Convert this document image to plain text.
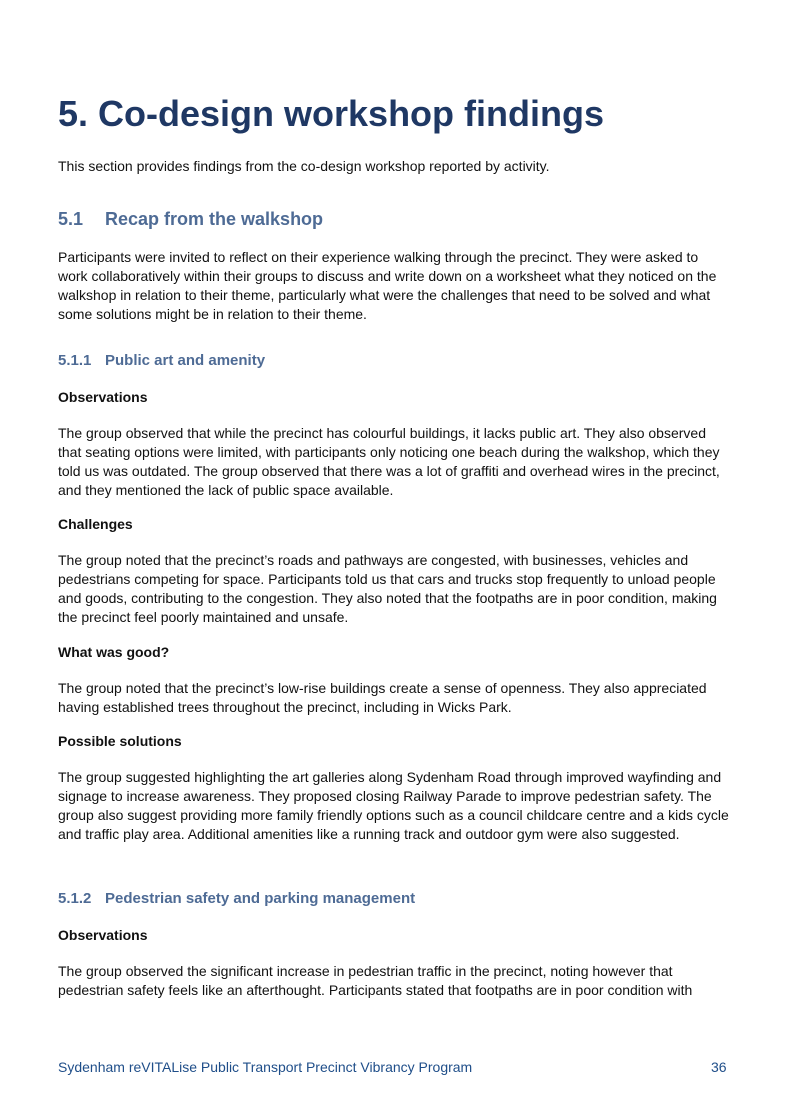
5. Co-design workshop findings
This section provides findings from the co-design workshop reported by activity.
5.1 Recap from the walkshop

Participants were invited to reflect on their experience walking through the precinct. They were asked to work collaboratively within their groups to discuss and write down on a worksheet what they noticed on the walkshop in relation to their theme, particularly what were the challenges that need to be solved and what some solutions might be in relation to their theme.

5.1.1 Public art and amenity
Observations

The group observed that while the precinct has colourful buildings, it lacks public art. They also observed that seating options were limited, with participants only noticing one beach during the walkshop, which they told us was outdated. The group observed that there was a lot of graffiti and overhead wires in the precinct, and they mentioned the lack of public space available.

Challenges

The group noted that the precinct’s roads and pathways are congested, with businesses, vehicles and pedestrians competing for space. Participants told us that cars and trucks stop frequently to unload people and goods, contributing to the congestion. They also noted that the footpaths are in poor condition, making the precinct feel poorly maintained and unsafe.

What was good?

The group noted that the precinct’s low-rise buildings create a sense of openness. They also appreciated having established trees throughout the precinct, including in Wicks Park.

Possible solutions

The group suggested highlighting the art galleries along Sydenham Road through improved wayfinding and signage to increase awareness. They proposed closing Railway Parade to improve pedestrian safety. The group also suggest providing more family friendly options such as a council childcare centre and a kids cycle and traffic play area. Additional amenities like a running track and outdoor gym were also suggested.

5.1.2 Pedestrian safety and parking management
Observations

The group observed the significant increase in pedestrian traffic in the precinct, noting however that pedestrian safety feels like an afterthought. Participants stated that footpaths are in poor condition with

Sydenham reVITALise Public Transport Precinct Vibrancy Program	36
